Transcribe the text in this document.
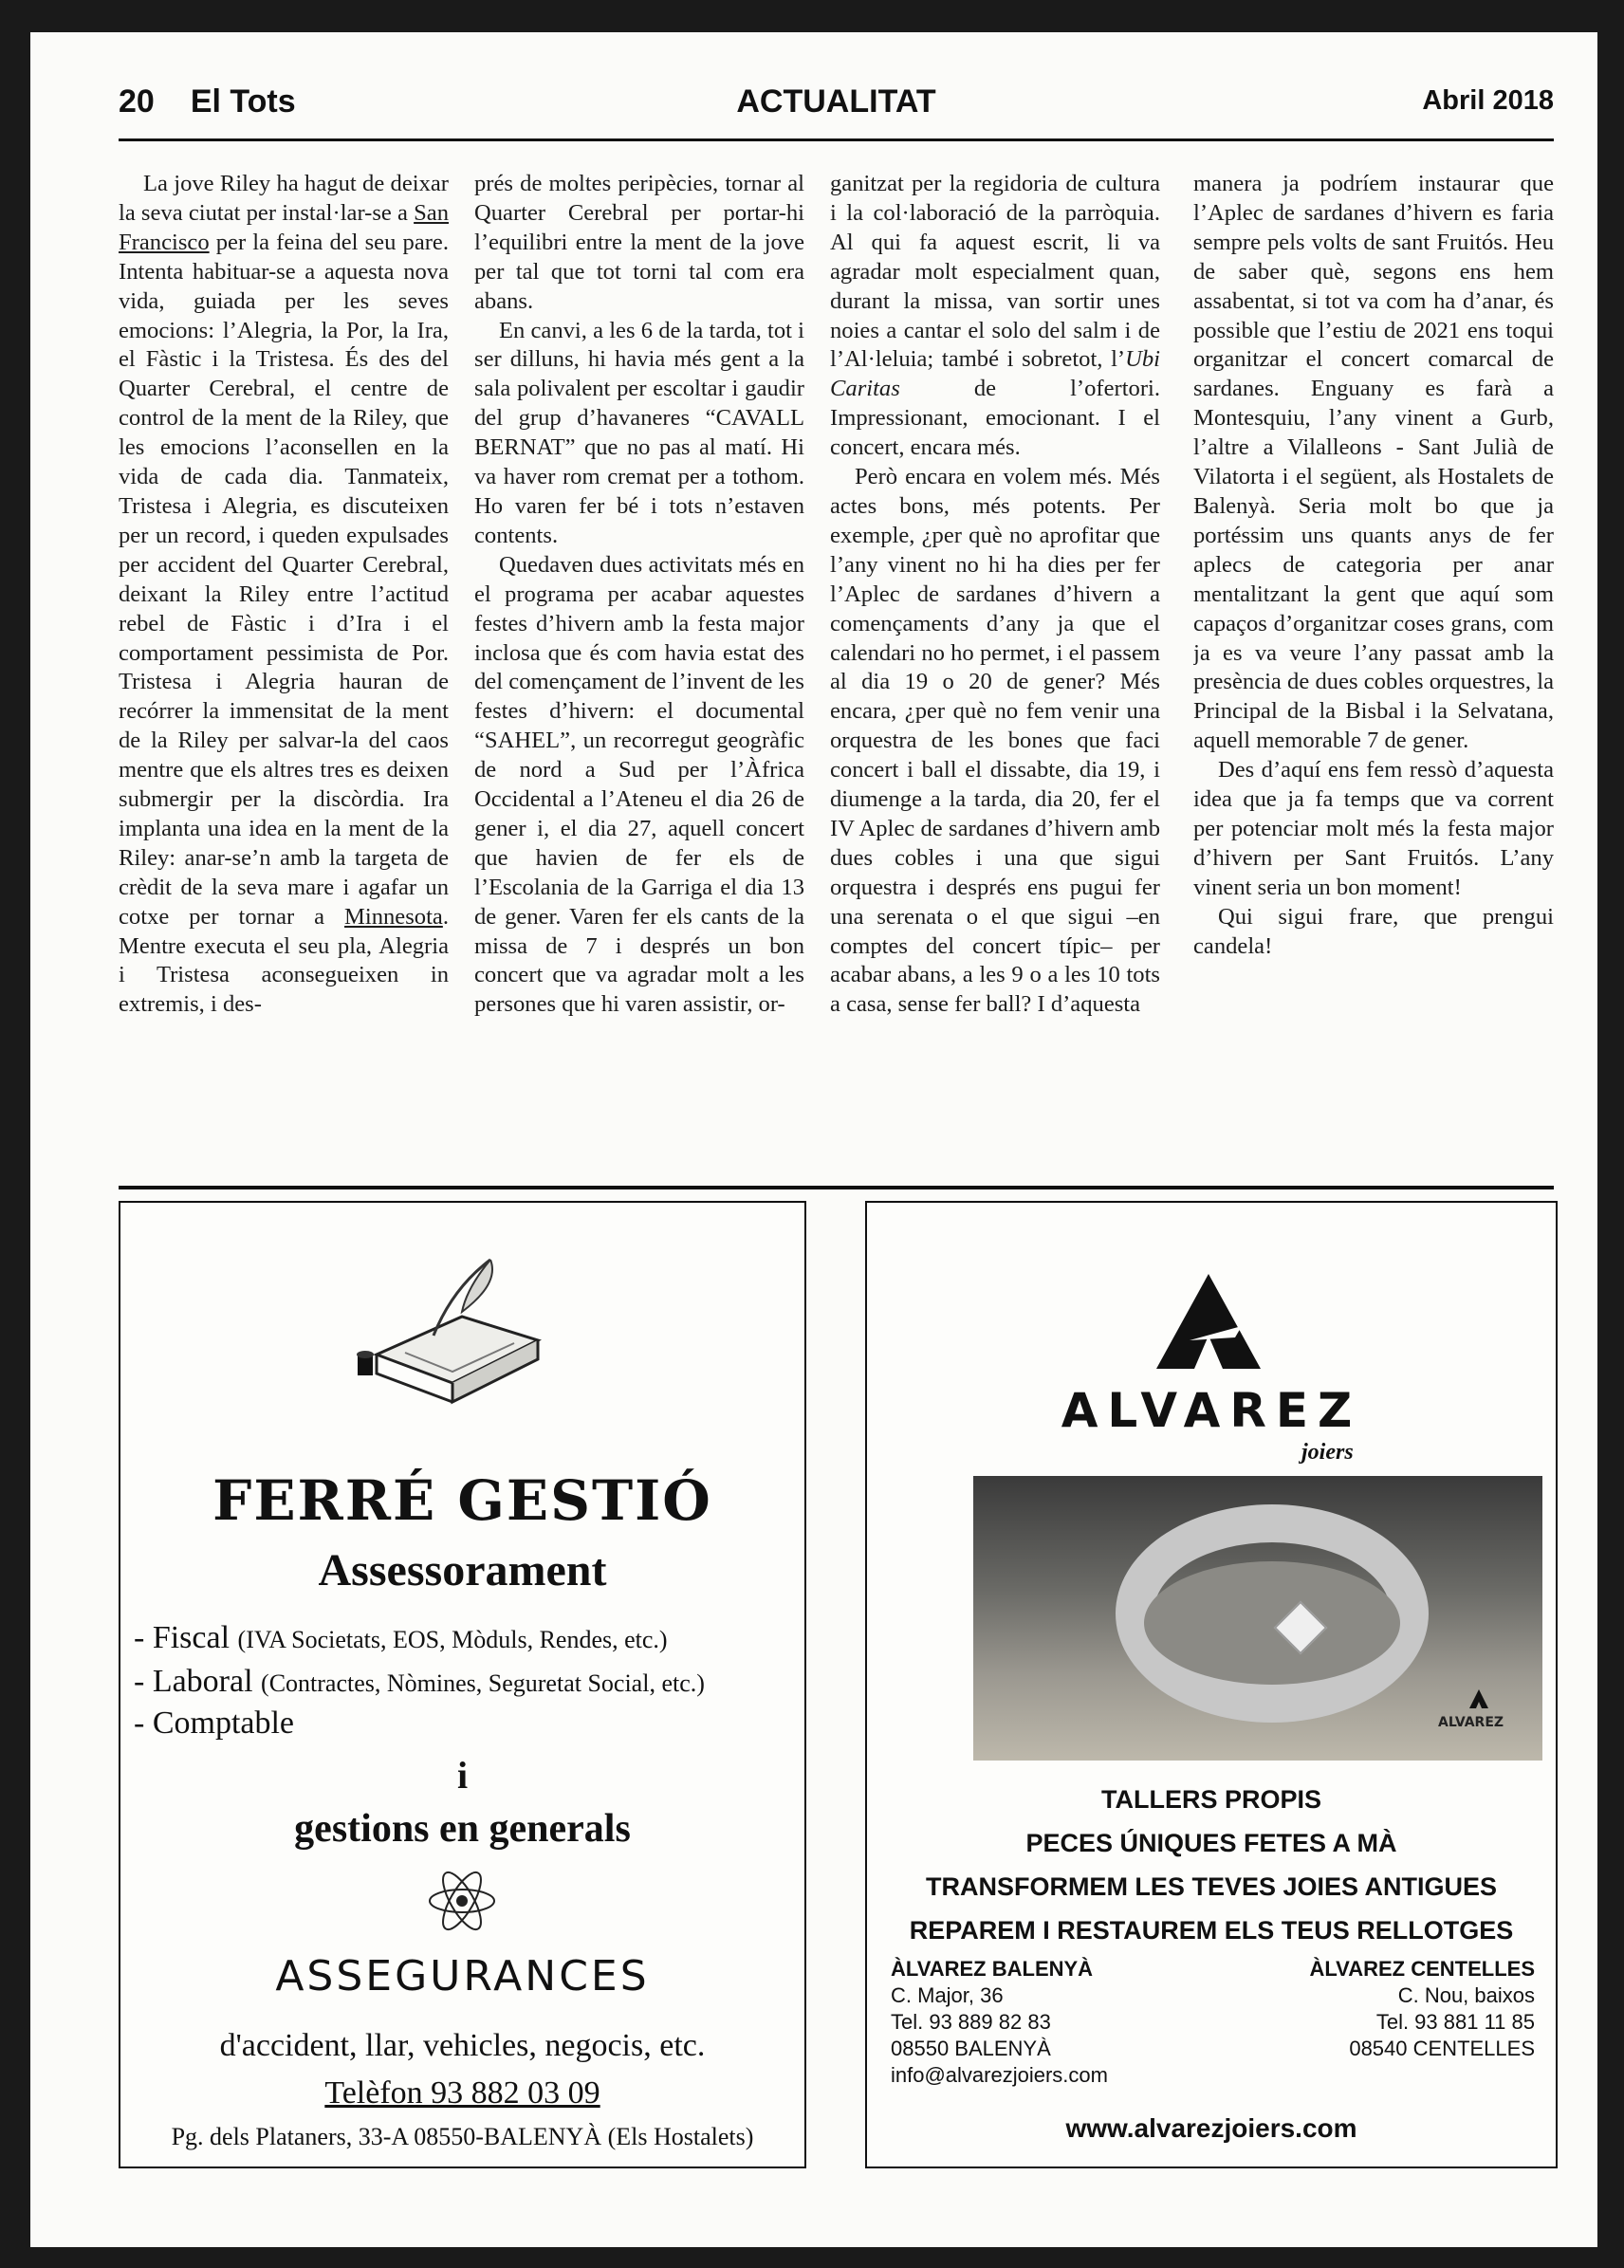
20 El Tots	ACTUALITAT	Abril 2018

La jove Riley ha hagut de deixar la seva ciutat per instal·lar-se a San Francisco per la feina del seu pare. Intenta habituar-se a aquesta nova vida, guiada per les seves emocions: l’Alegria, la Por, la Ira, el Fàstic i la Tristesa. És des del Quarter Cerebral, el centre de control de la ment de la Riley, que les emocions l’aconsellen en la vida de cada dia. Tanmateix, Tristesa i Alegria, es discuteixen per un record, i queden expulsades per accident del Quarter Cerebral, deixant la Riley entre l’actitud rebel de Fàstic i d’Ira i el comportament pessimista de Por. Tristesa i Alegria hauran de recórrer la immensitat de la ment de la Riley per salvar-la del caos mentre que els altres tres es deixen submergir per la discòrdia. Ira implanta una idea en la ment de la Riley: anar-se’n amb la targeta de crèdit de la seva mare i agafar un cotxe per tornar a Minnesota. Mentre executa el seu pla, Alegria i Tristesa aconsegueixen in extremis, i des-

prés de moltes peripècies, tornar al Quarter Cerebral per portar-hi l’equilibri entre la ment de la jove per tal que tot torni tal com era abans.

En canvi, a les 6 de la tarda, tot i ser dilluns, hi havia més gent a la sala polivalent per escoltar i gaudir del grup d’havaneres “CAVALL BERNAT” que no pas al matí. Hi va haver rom cremat per a tothom. Ho varen fer bé i tots n’estaven contents.

Quedaven dues activitats més en el programa per acabar aquestes festes d’hivern amb la festa major inclosa que és com havia estat des del començament de l’invent de les festes d’hivern: el documental “SAHEL”, un recorregut geogràfic de nord a Sud per l’Àfrica Occidental a l’Ateneu el dia 26 de gener i, el dia 27, aquell concert que havien de fer els de l’Escolania de la Garriga el dia 13 de gener. Varen fer els cants de la missa de 7 i després un bon concert que va agradar molt a les persones que hi varen assistir, or-

ganitzat per la regidoria de cultura i la col·laboració de la parròquia. Al qui fa aquest escrit, li va agradar molt especialment quan, durant la missa, van sortir unes noies a cantar el solo del salm i de l’Al·leluia; també i sobretot, l’Ubi Caritas de l’ofertori. Impressionant, emocionant. I el concert, encara més.

Però encara en volem més. Més actes bons, més potents. Per exemple, ¿per què no aprofitar que l’any vinent no hi ha dies per fer l’Aplec de sardanes d’hivern a començaments d’any ja que el calendari no ho permet, i el passem al dia 19 o 20 de gener? Més encara, ¿per què no fem venir una orquestra de les bones que faci concert i ball el dissabte, dia 19, i diumenge a la tarda, dia 20, fer el IV Aplec de sardanes d’hivern amb dues cobles i una que sigui orquestra i després ens pugui fer una serenata o el que sigui –en comptes del concert típic– per acabar abans, a les 9 o a les 10 tots a casa, sense fer ball? I d’aquesta

manera ja podríem instaurar que l’Aplec de sardanes d’hivern es faria sempre pels volts de sant Fruitós. Heu de saber què, segons ens hem assabentat, si tot va com ha d’anar, és possible que l’estiu de 2021 ens toqui organitzar el concert comarcal de sardanes. Enguany es farà a Montesquiu, l’any vinent a Gurb, l’altre a Vilalleons - Sant Julià de Vilatorta i el següent, als Hostalets de Balenyà. Seria molt bo que ja portéssim uns quants anys de fer aplecs de categoria per anar mentalitzant la gent que aquí som capaços d’organitzar coses grans, com ja es va veure l’any passat amb la presència de dues cobles orquestres, la Principal de la Bisbal i la Selvatana, aquell memorable 7 de gener.

Des d’aquí ens fem ressò d’aquesta idea que ja fa temps que va corrent per potenciar molt més la festa major d’hivern per Sant Fruitós. L’any vinent seria un bon moment!

Qui sigui frare, que prengui candela!

FERRÉ GESTIÓ
Assessorament
- Fiscal (IVA Societats, EOS, Mòduls, Rendes, etc.)
- Laboral (Contractes, Nòmines, Seguretat Social, etc.)
- Comptable
i
gestions en generals
ASSEGURANCES
d'accident, llar, vehicles, negocis, etc.
Telèfon 93 882 03 09
Pg. dels Plataners, 33-A 08550-BALENYÀ (Els Hostalets)
ALVAREZ
joiers
ALVAREZ
TALLERS PROPIS
PECES ÚNIQUES FETES A MÀ
TRANSFORMEM LES TEVES JOIES ANTIGUES
REPAREM I RESTAUREM ELS TEUS RELLOTGES
ÀLVAREZ BALENYÀ
C. Major, 36
Tel. 93 889 82 83
08550 BALENYÀ
info@alvarezjoiers.com
ÀLVAREZ CENTELLES
C. Nou, baixos
Tel. 93 881 11 85
08540 CENTELLES
www.alvarezjoiers.com
